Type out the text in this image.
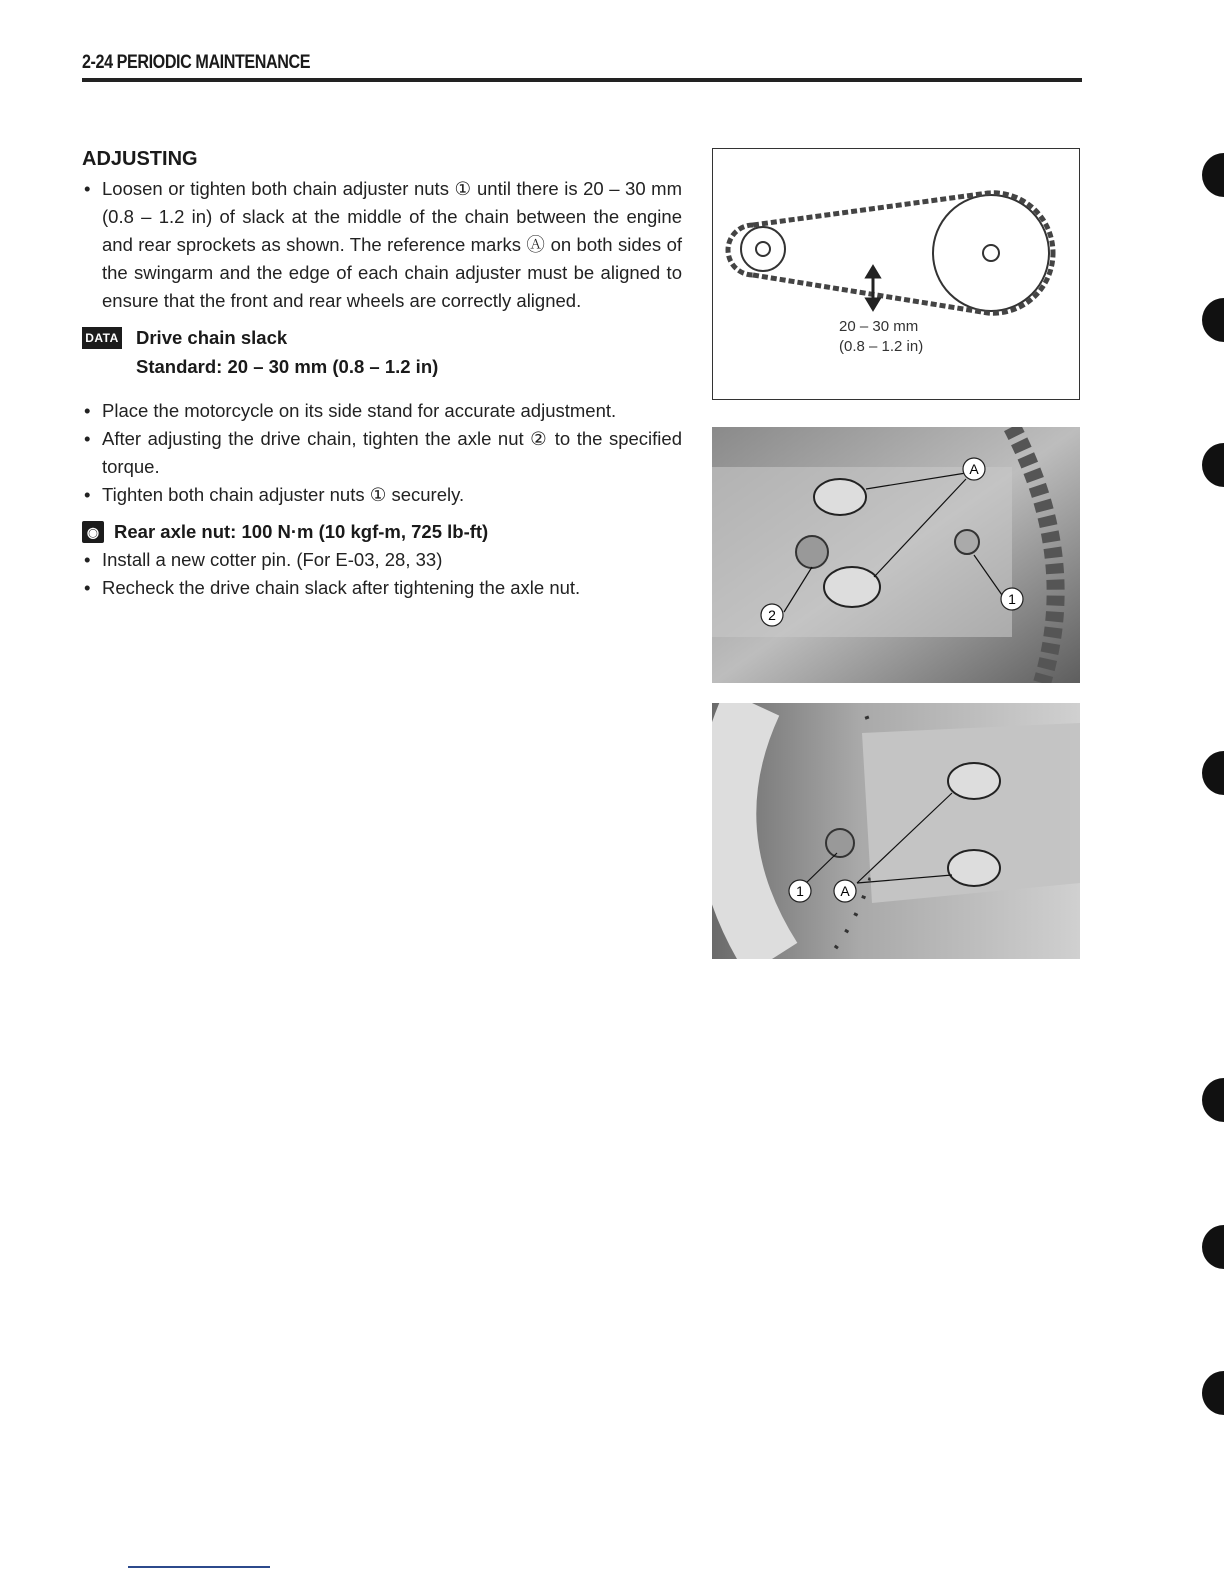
2-24 PERIODIC MAINTENANCE
ADJUSTING
• Loosen or tighten both chain adjuster nuts ① until there is 20 – 30 mm (0.8 – 1.2 in) of slack at the middle of the chain between the engine and rear sprockets as shown. The reference marks Ⓐ on both sides of the swingarm and the edge of each chain adjuster must be aligned to ensure that the front and rear wheels are correctly aligned.
DATA Drive chain slack
Standard: 20 – 30 mm (0.8 – 1.2 in)
• Place the motorcycle on its side stand for accurate adjustment.
• After adjusting the drive chain, tighten the axle nut ② to the specified torque.
• Tighten both chain adjuster nuts ① securely.
◉ Rear axle nut: 100 N·m (10 kgf-m, 725 lb-ft)
• Install a new cotter pin. (For E-03, 28, 33)
• Recheck the drive chain slack after tightening the axle nut.
20 – 30 mm
(0.8 – 1.2 in)
A
1
2
1	A
